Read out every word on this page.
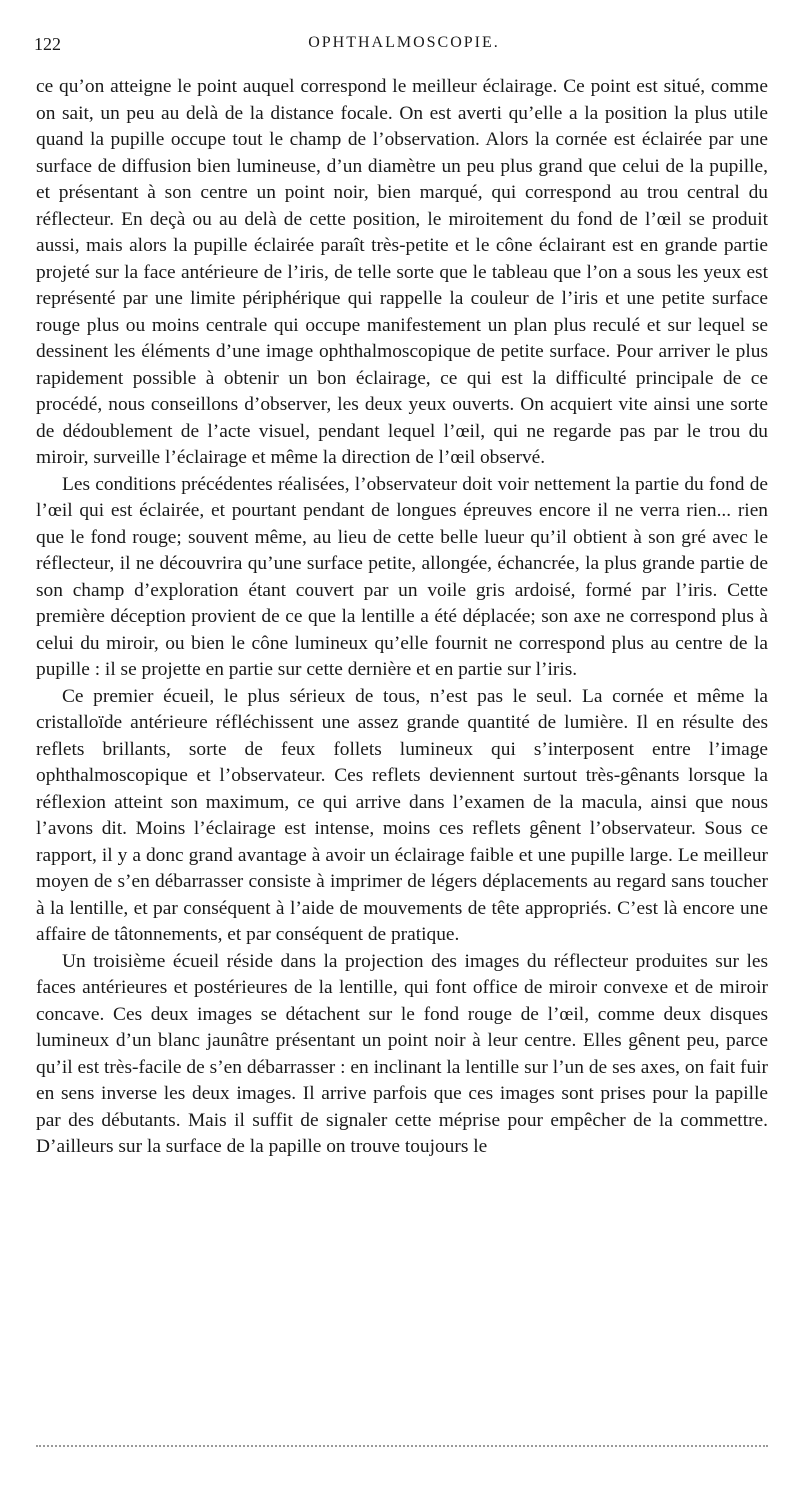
122	OPHTHALMOSCOPIE.

ce qu’on atteigne le point auquel correspond le meilleur éclairage. Ce point est situé, comme on sait, un peu au delà de la distance focale. On est averti qu’elle a la position la plus utile quand la pupille occupe tout le champ de l’observation. Alors la cornée est éclairée par une surface de diffusion bien lumineuse, d’un diamètre un peu plus grand que celui de la pupille, et présentant à son centre un point noir, bien marqué, qui correspond au trou central du réflecteur. En deçà ou au delà de cette position, le miroitement du fond de l’œil se produit aussi, mais alors la pupille éclairée paraît très-petite et le cône éclairant est en grande partie projeté sur la face antérieure de l’iris, de telle sorte que le tableau que l’on a sous les yeux est représenté par une limite périphérique qui rappelle la couleur de l’iris et une petite surface rouge plus ou moins centrale qui occupe manifestement un plan plus reculé et sur lequel se dessinent les éléments d’une image ophthalmoscopique de petite surface. Pour arriver le plus rapidement possible à obtenir un bon éclairage, ce qui est la difficulté principale de ce procédé, nous conseillons d’observer, les deux yeux ouverts. On acquiert vite ainsi une sorte de dédoublement de l’acte visuel, pendant lequel l’œil, qui ne regarde pas par le trou du miroir, surveille l’éclairage et même la direction de l’œil observé.

Les conditions précédentes réalisées, l’observateur doit voir nettement la partie du fond de l’œil qui est éclairée, et pourtant pendant de longues épreuves encore il ne verra rien... rien que le fond rouge; souvent même, au lieu de cette belle lueur qu’il obtient à son gré avec le réflecteur, il ne découvrira qu’une surface petite, allongée, échancrée, la plus grande partie de son champ d’exploration étant couvert par un voile gris ardoisé, formé par l’iris. Cette première déception provient de ce que la lentille a été déplacée; son axe ne correspond plus à celui du miroir, ou bien le cône lumineux qu’elle fournit ne correspond plus au centre de la pupille : il se projette en partie sur cette dernière et en partie sur l’iris.

Ce premier écueil, le plus sérieux de tous, n’est pas le seul. La cornée et même la cristalloïde antérieure réfléchissent une assez grande quantité de lumière. Il en résulte des reflets brillants, sorte de feux follets lumineux qui s’interposent entre l’image ophthalmoscopique et l’observateur. Ces reflets deviennent surtout très-gênants lorsque la réflexion atteint son maximum, ce qui arrive dans l’examen de la macula, ainsi que nous l’avons dit. Moins l’éclairage est intense, moins ces reflets gênent l’observateur. Sous ce rapport, il y a donc grand avantage à avoir un éclairage faible et une pupille large. Le meilleur moyen de s’en débarrasser consiste à imprimer de légers déplacements au regard sans toucher à la lentille, et par conséquent à l’aide de mouvements de tête appropriés. C’est là encore une affaire de tâtonnements, et par conséquent de pratique.

Un troisième écueil réside dans la projection des images du réflecteur produites sur les faces antérieures et postérieures de la lentille, qui font office de miroir convexe et de miroir concave. Ces deux images se détachent sur le fond rouge de l’œil, comme deux disques lumineux d’un blanc jaunâtre présentant un point noir à leur centre. Elles gênent peu, parce qu’il est très-facile de s’en débarrasser : en inclinant la lentille sur l’un de ses axes, on fait fuir en sens inverse les deux images. Il arrive parfois que ces images sont prises pour la papille par des débutants. Mais il suffit de signaler cette méprise pour empêcher de la commettre. D’ailleurs sur la surface de la papille on trouve toujours le
